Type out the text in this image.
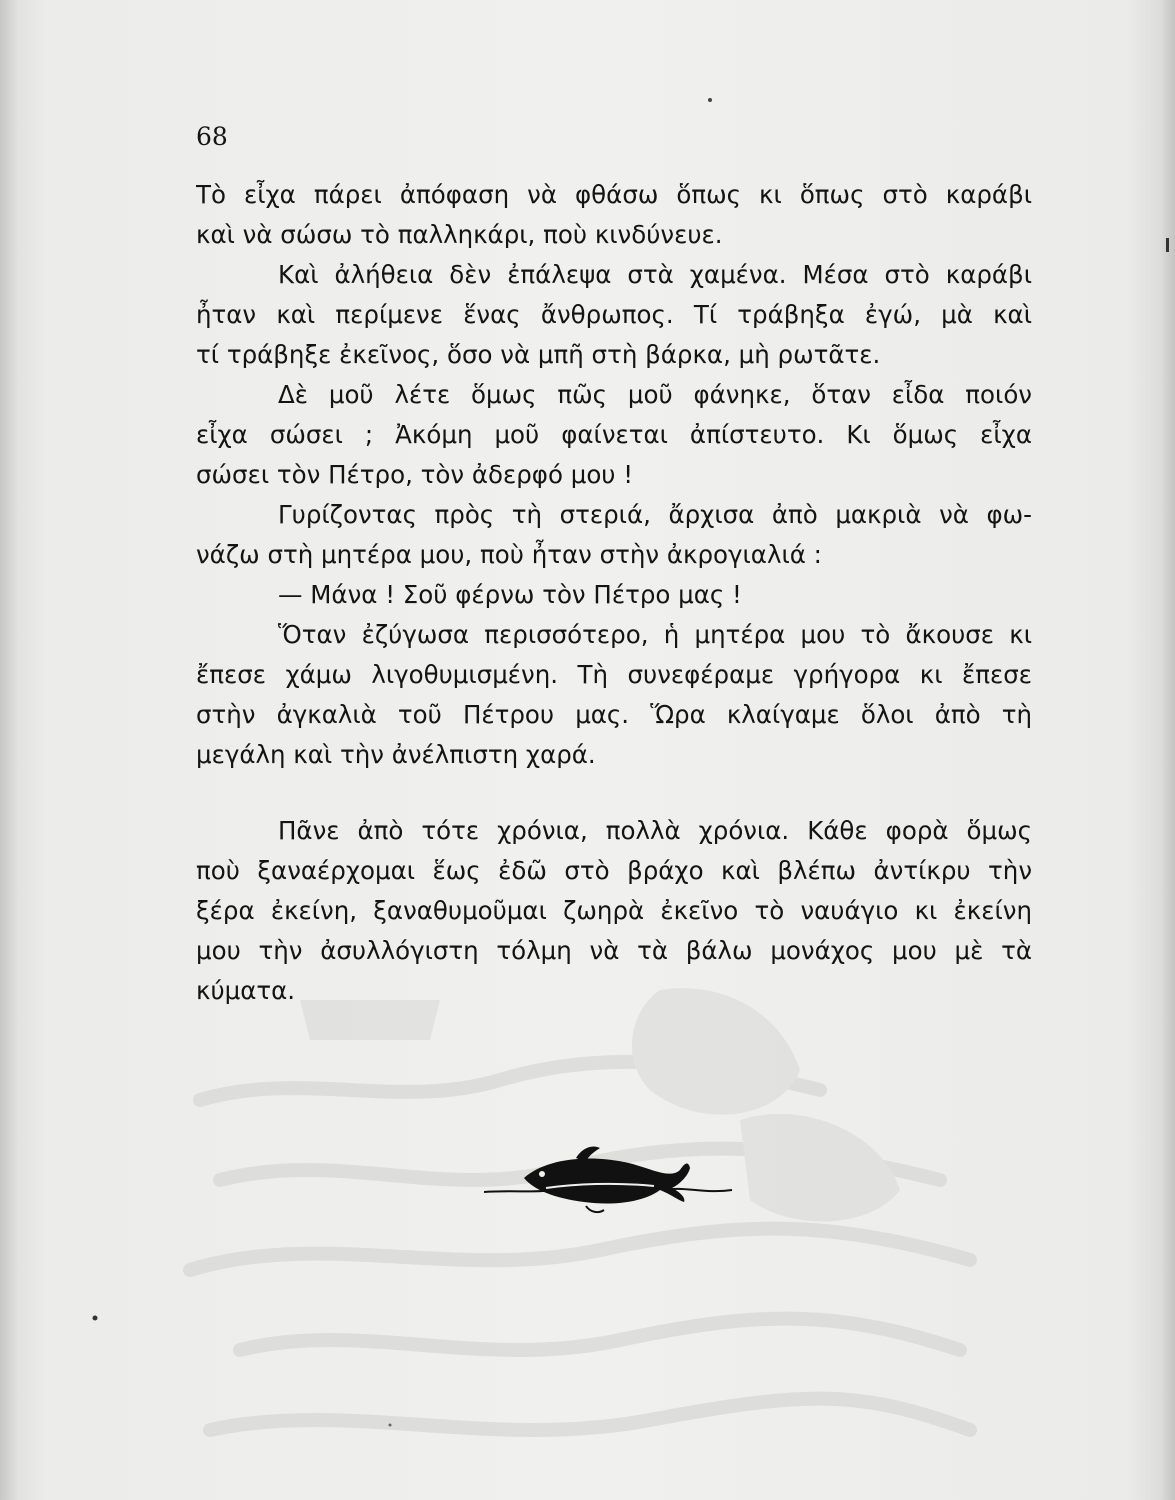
68
Τὸ εἶχα πάρει ἀπόφαση νὰ φθάσω ὅπως κι ὅπως στὸ καράβι
καὶ νὰ σώσω τὸ παλληκάρι, ποὺ κινδύνευε.
Καὶ ἀλήθεια δὲν ἐπάλεψα στὰ χαμένα. Μέσα στὸ καράβι
ἦταν καὶ περίμενε ἕνας ἄνθρωπος. Τί τράβηξα ἐγώ, μὰ καὶ
τί τράβηξε ἐκεῖνος, ὅσο νὰ μπῆ στὴ βάρκα, μὴ ρωτᾶτε.
Δὲ μοῦ λέτε ὅμως πῶς μοῦ φάνηκε, ὅταν εἶδα ποιόν
εἶχα σώσει ; Ἀκόμη μοῦ φαίνεται ἀπίστευτο. Κι ὅμως εἶχα
σώσει τὸν Πέτρο, τὸν ἀδερφό μου !
Γυρίζοντας πρὸς τὴ στεριά, ἄρχισα ἀπὸ μακριὰ νὰ φω-
νάζω στὴ μητέρα μου, ποὺ ἦταν στὴν ἀκρογιαλιά :
— Μάνα ! Σοῦ φέρνω τὸν Πέτρο μας !
Ὅταν ἐζύγωσα περισσότερο, ἡ μητέρα μου τὸ ἄκουσε κι
ἔπεσε χάμω λιγοθυμισμένη. Τὴ συνεφέραμε γρήγορα κι ἔπεσε
στὴν ἀγκαλιὰ τοῦ Πέτρου μας. Ὥρα κλαίγαμε ὅλοι ἀπὸ τὴ
μεγάλη καὶ τὴν ἀνέλπιστη χαρά.
Πᾶνε ἀπὸ τότε χρόνια, πολλὰ χρόνια. Κάθε φορὰ ὅμως
ποὺ ξαναέρχομαι ἕως ἐδῶ στὸ βράχο καὶ βλέπω ἀντίκρυ τὴν
ξέρα ἐκείνη, ξαναθυμοῦμαι ζωηρὰ ἐκεῖνο τὸ ναυάγιο κι ἐκείνη
μου τὴν ἀσυλλόγιστη τόλμη νὰ τὰ βάλω μονάχος μου μὲ τὰ
κύματα.
